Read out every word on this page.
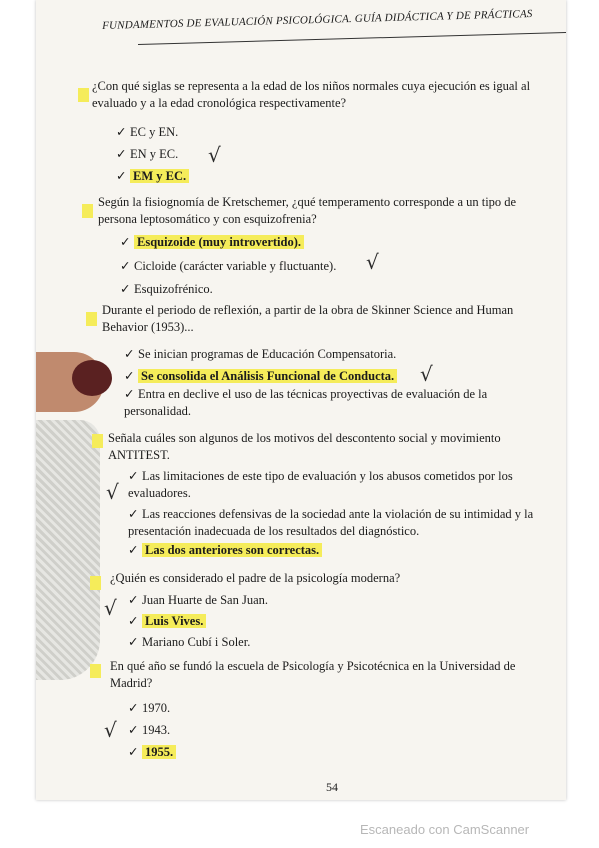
FUNDAMENTOS DE EVALUACIÓN PSICOLÓGICA. GUÍA DIDÁCTICA Y DE PRÁCTICAS
¿Con qué siglas se representa a la edad de los niños normales cuya ejecución es igual al evaluado y a la edad cronológica respectivamente?
✓ EC y EN.
✓ EN y EC. √
✓ EM y EC.
Según la fisiognomía de Kretschemer, ¿qué temperamento corresponde a un tipo de persona leptosomático y con esquizofrenia?
✓ Esquizoide (muy introvertido).
✓ Cicloide (carácter variable y fluctuante). √
✓ Esquizofrénico.
Durante el periodo de reflexión, a partir de la obra de Skinner Science and Human Behavior (1953)...
✓ Se inician programas de Educación Compensatoria.
✓ Se consolida el Análisis Funcional de Conducta. √
✓ Entra en declive el uso de las técnicas proyectivas de evaluación de la personalidad.
Señala cuáles son algunos de los motivos del descontento social y movimiento ANTITEST.
√
✓ Las limitaciones de este tipo de evaluación y los abusos cometidos por los evaluadores.
✓ Las reacciones defensivas de la sociedad ante la violación de su intimidad y la presentación inadecuada de los resultados del diagnóstico.
✓ Las dos anteriores son correctas.
¿Quién es considerado el padre de la psicología moderna?
√ ✓ Juan Huarte de San Juan.
✓ Luis Vives.
✓ Mariano Cubí i Soler.
En qué año se fundó la escuela de Psicología y Psicotécnica en la Universidad de Madrid?
✓ 1970.
√ ✓ 1943.
✓ 1955.
54
Escaneado con CamScanner
